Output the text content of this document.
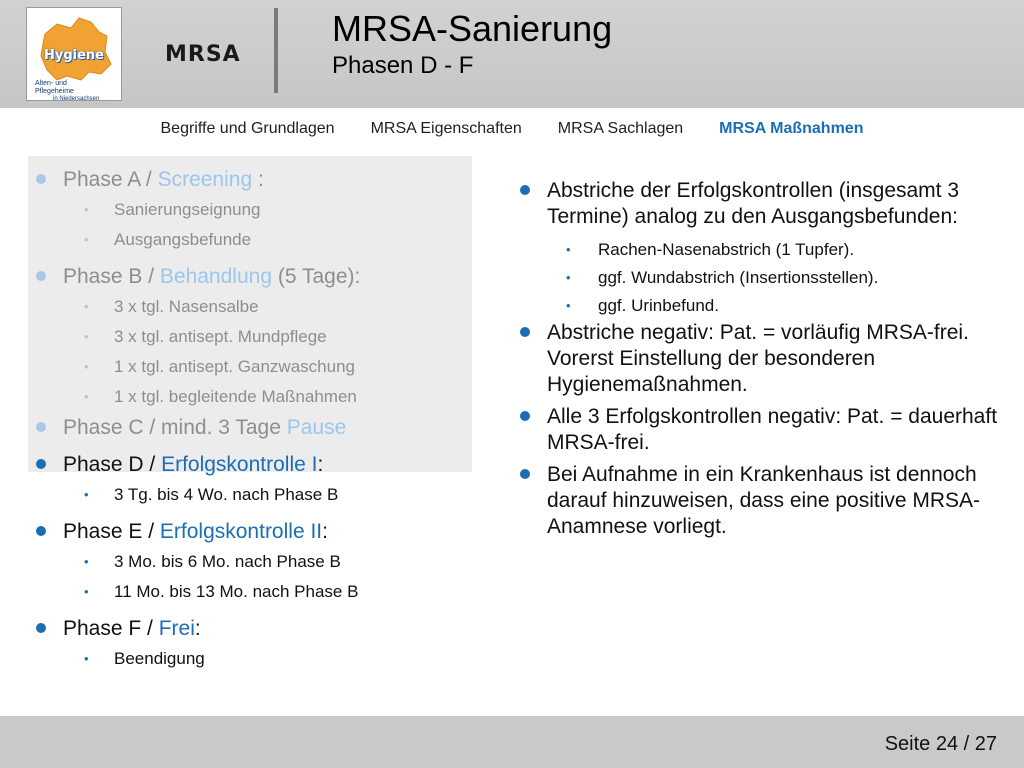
Hygiene
Alten- und
Pflegeheime
in Niedersachsen
MRSA
MRSA-Sanierung
Phasen D - F
Begriffe und Grundlagen MRSA Eigenschaften MRSA Sachlagen MRSA Maßnahmen
Phase A / Screening :
• Sanierungseignung
• Ausgangsbefunde
Phase B / Behandlung (5 Tage):
• 3 x tgl. Nasensalbe
• 3 x tgl. antisept. Mundpflege
• 1 x tgl. antisept. Ganzwaschung
• 1 x tgl. begleitende Maßnahmen
Phase C / mind. 3 Tage Pause
Phase D / Erfolgskontrolle I:
• 3 Tg. bis 4 Wo. nach Phase B
Phase E / Erfolgskontrolle II:
• 3 Mo. bis 6 Mo. nach Phase B
• 11 Mo. bis 13 Mo. nach Phase B
Phase F / Frei:
• Beendigung
Abstriche der Erfolgskontrollen (insgesamt 3 Termine) analog zu den Ausgangsbefunden:
• Rachen-Nasenabstrich (1 Tupfer).
• ggf. Wundabstrich (Insertionsstellen).
• ggf. Urinbefund.
Abstriche negativ: Pat. = vorläufig MRSA-frei. Vorerst Einstellung der besonderen Hygienemaßnahmen.
Alle 3 Erfolgskontrollen negativ: Pat. = dauerhaft MRSA-frei.
Bei Aufnahme in ein Krankenhaus ist dennoch darauf hinzuweisen, dass eine positive MRSA-Anamnese vorliegt.
Seite 24 / 27
